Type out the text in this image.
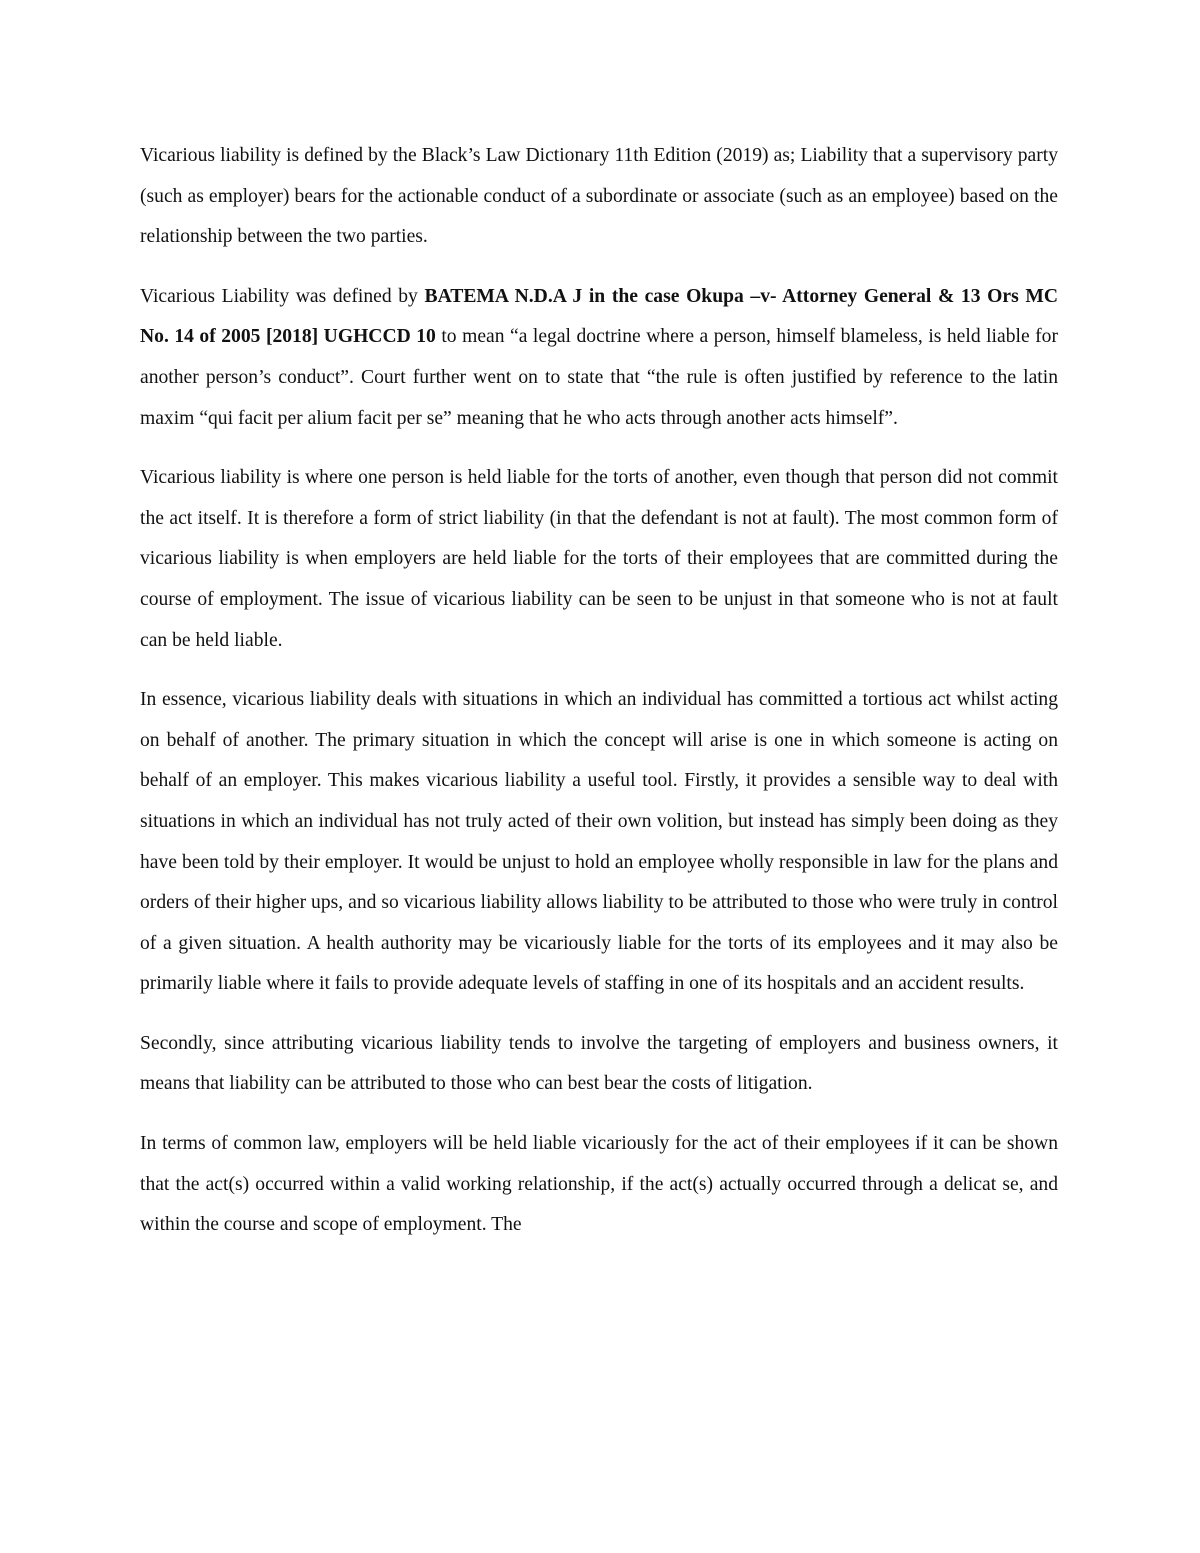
Vicarious liability is defined by the Black’s Law Dictionary 11th Edition (2019) as; Liability that a supervisory party (such as employer) bears for the actionable conduct of a subordinate or associate (such as an employee) based on the relationship between the two parties.

Vicarious Liability was defined by BATEMA N.D.A J in the case Okupa –v- Attorney General & 13 Ors MC No. 14 of 2005 [2018] UGHCCD 10 to mean “a legal doctrine where a person, himself blameless, is held liable for another person’s conduct”. Court further went on to state that “the rule is often justified by reference to the latin maxim “qui facit per alium facit per se” meaning that he who acts through another acts himself”.

Vicarious liability is where one person is held liable for the torts of another, even though that person did not commit the act itself. It is therefore a form of strict liability (in that the defendant is not at fault). The most common form of vicarious liability is when employers are held liable for the torts of their employees that are committed during the course of employment. The issue of vicarious liability can be seen to be unjust in that someone who is not at fault can be held liable.

In essence, vicarious liability deals with situations in which an individual has committed a tortious act whilst acting on behalf of another. The primary situation in which the concept will arise is one in which someone is acting on behalf of an employer. This makes vicarious liability a useful tool. Firstly, it provides a sensible way to deal with situations in which an individual has not truly acted of their own volition, but instead has simply been doing as they have been told by their employer. It would be unjust to hold an employee wholly responsible in law for the plans and orders of their higher ups, and so vicarious liability allows liability to be attributed to those who were truly in control of a given situation. A health authority may be vicariously liable for the torts of its employees and it may also be primarily liable where it fails to provide adequate levels of staffing in one of its hospitals and an accident results.

Secondly, since attributing vicarious liability tends to involve the targeting of employers and business owners, it means that liability can be attributed to those who can best bear the costs of litigation.

In terms of common law, employers will be held liable vicariously for the act of their employees if it can be shown that the act(s) occurred within a valid working relationship, if the act(s) actually occurred through a delicat se, and within the course and scope of employment. The
